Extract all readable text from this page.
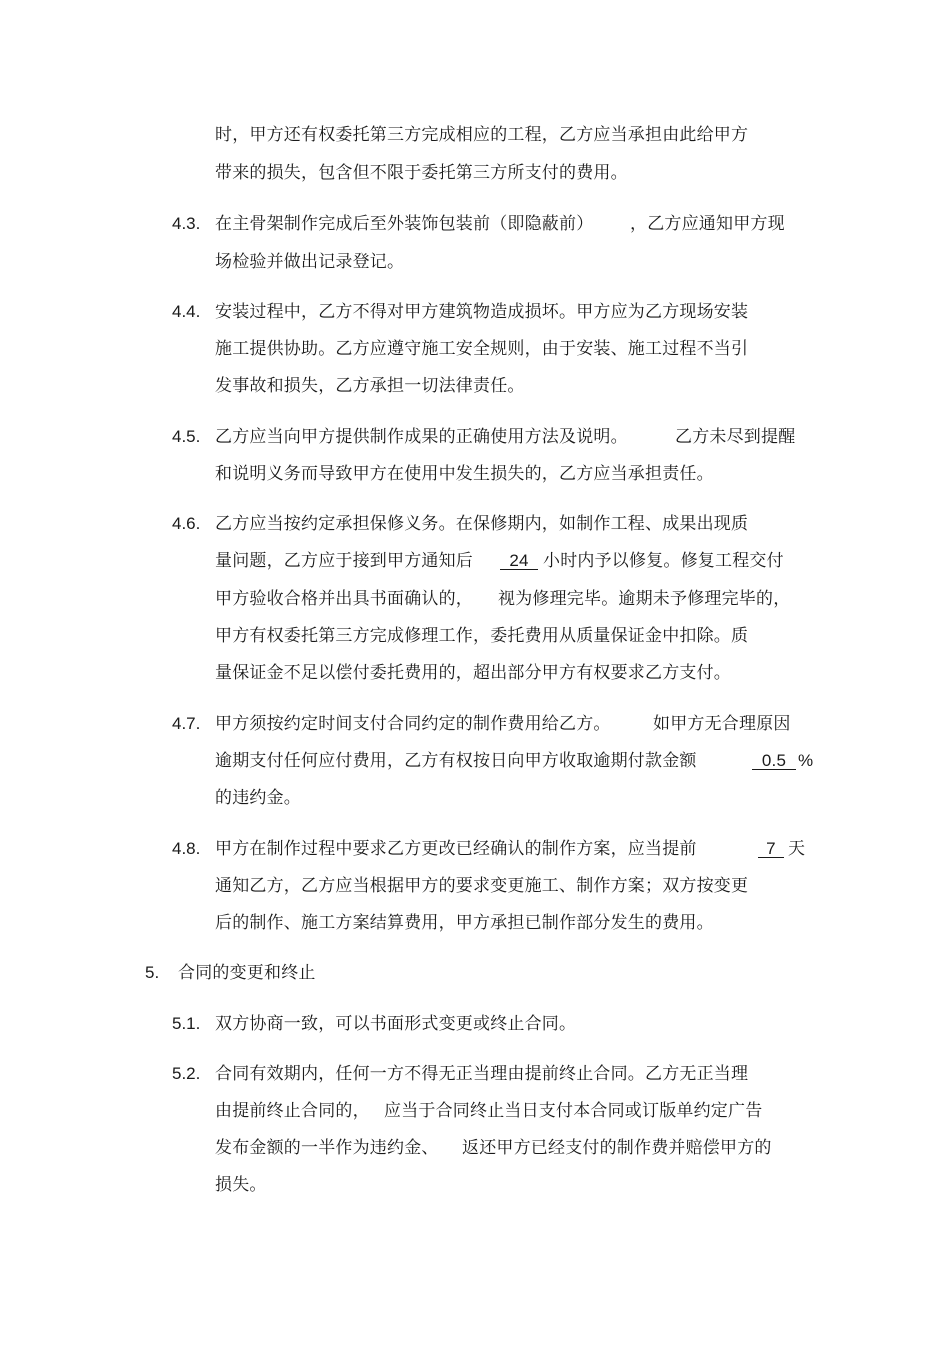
时，甲方还有权委托第三方完成相应的工程，乙方应当承担由此给甲方
带来的损失，包含但不限于委托第三方所支付的费用。
4.3. 在主骨架制作完成后至外装饰包装前（即隐蔽前） ，乙方应通知甲方现
场检验并做出记录登记。
4.4. 安装过程中，乙方不得对甲方建筑物造成损坏。甲方应为乙方现场安装
施工提供协助。乙方应遵守施工安全规则，由于安装、施工过程不当引
发事故和损失，乙方承担一切法律责任。
4.5. 乙方应当向甲方提供制作成果的正确使用方法及说明。	乙方未尽到提醒
和说明义务而导致甲方在使用中发生损失的，乙方应当承担责任。
4.6. 乙方应当按约定承担保修义务。在保修期内，如制作工程、成果出现质
量问题，乙方应于接到甲方通知后	24 小时内予以修复。修复工程交付
甲方验收合格并出具书面确认的， 视为修理完毕。逾期未予修理完毕的，
甲方有权委托第三方完成修理工作，委托费用从质量保证金中扣除。质
量保证金不足以偿付委托费用的，超出部分甲方有权要求乙方支付。
4.7. 甲方须按约定时间支付合同约定的制作费用给乙方。 如甲方无合理原因
逾期支付任何应付费用，乙方有权按日向甲方收取逾期付款金额	0.5 %
的违约金。
4.8. 甲方在制作过程中要求乙方更改已经确认的制作方案，应当提前	7 天
通知乙方，乙方应当根据甲方的要求变更施工、制作方案；双方按变更
后的制作、施工方案结算费用，甲方承担已制作部分发生的费用。
5. 合同的变更和终止
5.1. 双方协商一致，可以书面形式变更或终止合同。
5.2. 合同有效期内，任何一方不得无正当理由提前终止合同。乙方无正当理
由提前终止合同的， 应当于合同终止当日支付本合同或订版单约定广告
发布金额的一半作为违约金、 返还甲方已经支付的制作费并赔偿甲方的
损失。
